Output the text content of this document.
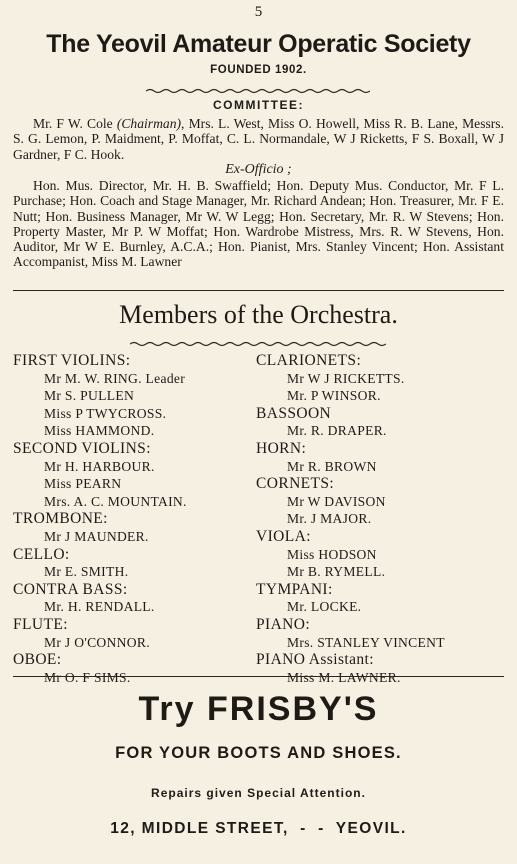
5
The Yeovil Amateur Operatic Society
FOUNDED 1902.
COMMITTEE:
Mr. F W. Cole (Chairman), Mrs. L. West, Miss O. Howell, Miss R. B. Lane, Messrs. S. G. Lemon, P. Maidment, P. Moffat, C. L. Normandale, W J Ricketts, F S. Boxall, W J Gardner, F C. Hook.
Ex-Officio ;
Hon. Mus. Director, Mr. H. B. Swaffield; Hon. Deputy Mus. Conductor, Mr. F L. Purchase; Hon. Coach and Stage Manager, Mr. Richard Andean; Hon. Treasurer, Mr. F E. Nutt; Hon. Business Manager, Mr W. W Legg; Hon. Secretary, Mr. R. W Stevens; Hon. Property Master, Mr P. W Moffat; Hon. Wardrobe Mistress, Mrs. R. W Stevens, Hon. Auditor, Mr W E. Burnley, A.C.A.; Hon. Pianist, Mrs. Stanley Vincent; Hon. Assistant Accompanist, Miss M. Lawner
Members of the Orchestra.
FIRST VIOLINS:
Mr M. W. RING. Leader
Mr S. PULLEN
Miss P TWYCROSS.
Miss HAMMOND.
SECOND VIOLINS:
Mr H. HARBOUR.
Miss PEARN
Mrs. A. C. MOUNTAIN.
TROMBONE:
Mr J MAUNDER.
CELLO:
Mr E. SMITH.
CONTRA BASS:
Mr. H. RENDALL.
FLUTE:
Mr J O'CONNOR.
OBOE:
Mr O. F SIMS.
CLARIONETS:
Mr W J RICKETTS.
Mr. P WINSOR.
BASSOON
Mr. R. DRAPER.
HORN:
Mr R. BROWN
CORNETS:
Mr W DAVISON
Mr. J MAJOR.
VIOLA:
Miss HODSON
Mr B. RYMELL.
TYMPANI:
Mr. LOCKE.
PIANO:
Mrs. STANLEY VINCENT
PIANO Assistant:
Miss M. LAWNER.
Try FRISBY'S
FOR YOUR BOOTS AND SHOES.
Repairs given Special Attention.
12, MIDDLE STREET,  -  -  YEOVIL.
